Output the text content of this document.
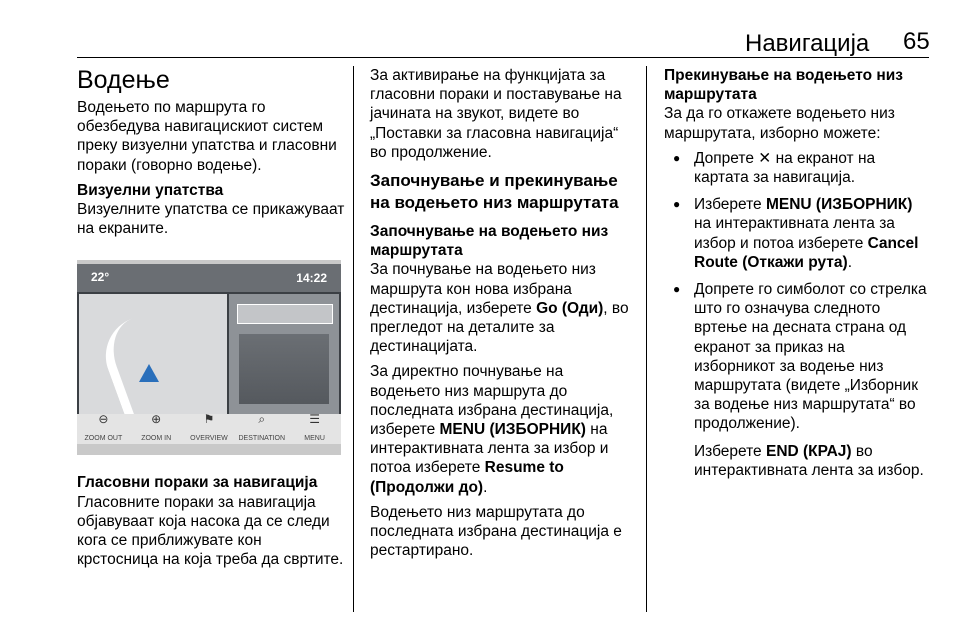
Навигација 65
Водење

Водењето по маршрута го обезбедува навигацискиот систем преку визуелни упатства и гласовни пораки (говорно водење).

Визуелни упатства

Визуелните упатства се прикажуваат на екраните.

22°	14:22
⊖
ZOOM OUT
⊕
ZOOM IN
⚑
OVERVIEW
⌕
DESTINATION
☰
MENU
Гласовни пораки за навигација

Гласовните пораки за навигација објавуваат која насока да се следи кога се приближувате кон крстосница на која треба да свртите.

За активирање на функцијата за гласовни пораки и поставување на јачината на звукот, видете во „Поставки за гласовна навигација“ во продолжение.

Започнување и прекинување на водењето низ маршрутата
Започнување на водењето низ маршрутата

За почнување на водењето низ маршрута кон нова избрана дестинација, изберете Go (Оди), во прегледот на деталите за дестинацијата.

За директно почнување на водењето низ маршрута до последната избрана дестинација, изберете MENU (ИЗБОРНИК) на интерактивната лента за избор и потоа изберете Resume to (Продолжи до).

Водењето низ маршрутата до последната избрана дестинација е рестартирано.

Прекинување на водењето низ маршрутата

За да го откажете водењето низ маршрутата, изборно можете:

● Допрете ✕ на екранот на картата за навигација.
● Изберете MENU (ИЗБОРНИК) на интерактивната лента за избор и потоа изберете Cancel Route (Откажи рута).
● Допрете го симболот со стрелка што го означува следното вртење на десната страна од екранот за приказ на изборникот за водење низ маршрутата (видете „Изборник за водење низ маршрутата“ во продолжение).

Изберете END (КРАЈ) во интерактивната лента за избор.
